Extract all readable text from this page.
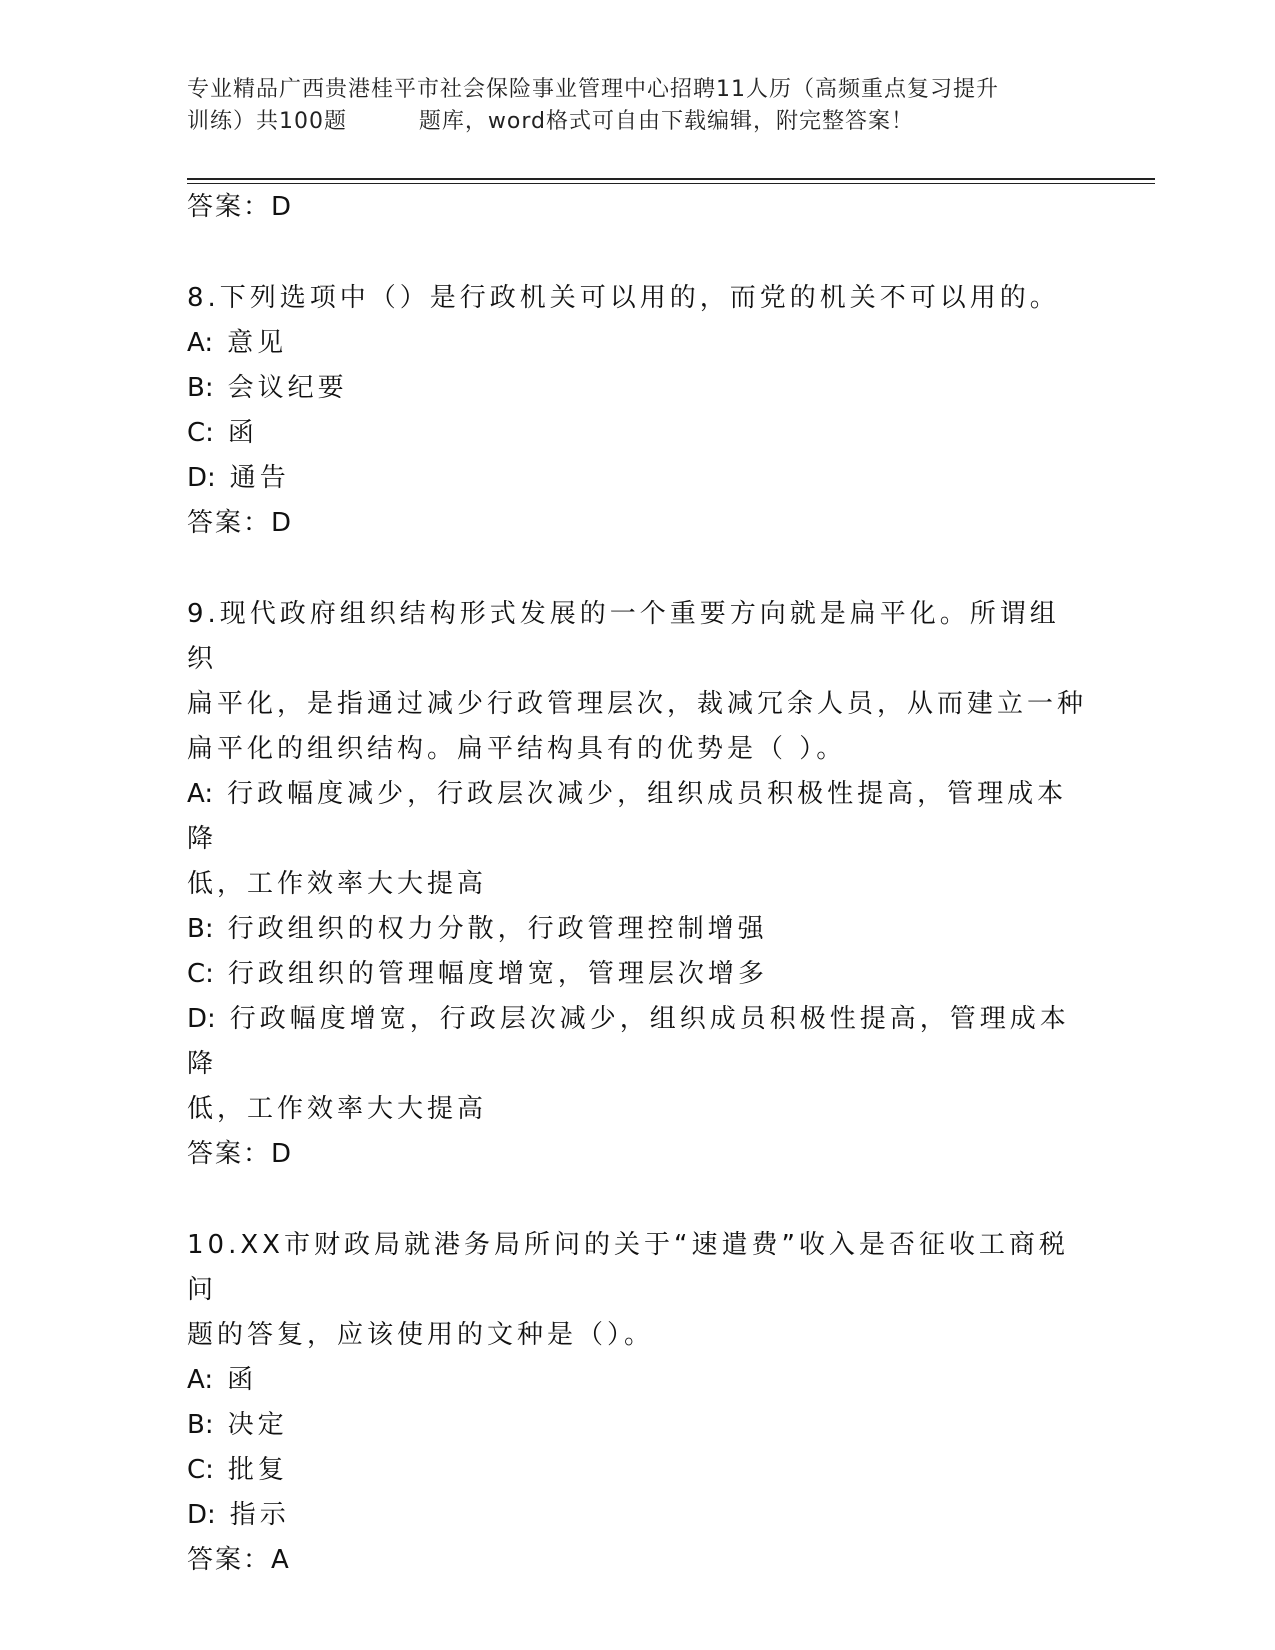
专业精品广西贵港桂平市社会保险事业管理中心招聘11人历（高频重点复习提升
训练）共100题         题库，word格式可自由下载编辑，附完整答案！
答案：D

8.下列选项中（）是行政机关可以用的，而党的机关不可以用的。

A: 意见

B: 会议纪要

C: 函

D: 通告

答案：D

9.现代政府组织结构形式发展的一个重要方向就是扁平化。所谓组织

扁平化，是指通过减少行政管理层次，裁减冗余人员，从而建立一种

扁平化的组织结构。扁平结构具有的优势是（ ）。

A: 行政幅度减少，行政层次减少，组织成员积极性提高，管理成本降

低，工作效率大大提高

B: 行政组织的权力分散，行政管理控制增强

C: 行政组织的管理幅度增宽，管理层次增多

D: 行政幅度增宽，行政层次减少，组织成员积极性提高，管理成本降

低，工作效率大大提高

答案：D

10.XX市财政局就港务局所问的关于“速遣费”收入是否征收工商税问

题的答复，应该使用的文种是（）。

A: 函

B: 决定

C: 批复

D: 指示

答案：A
